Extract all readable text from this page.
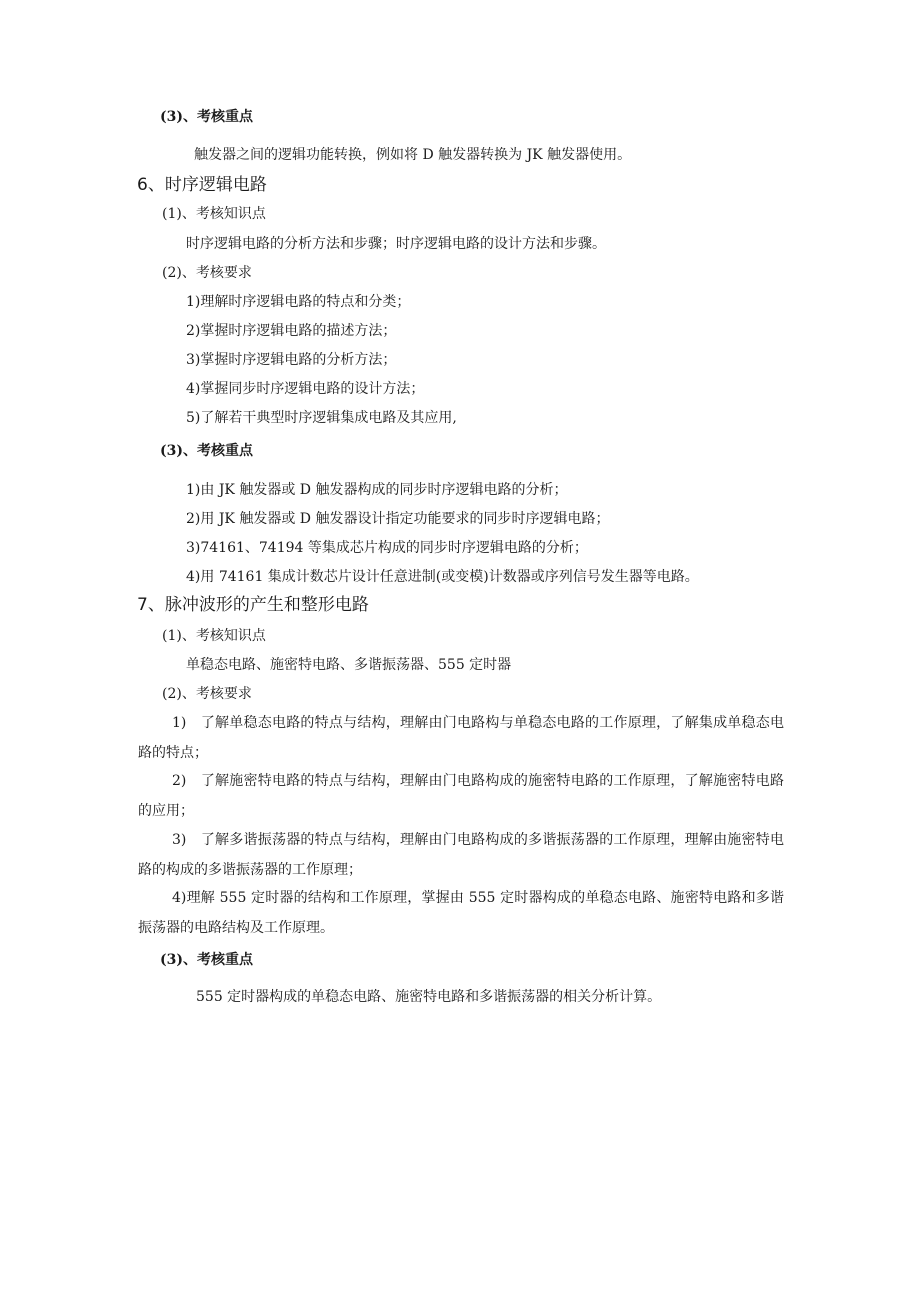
(3)、考核重点
触发器之间的逻辑功能转换，例如将 D 触发器转换为 JK 触发器使用。
6、时序逻辑电路
(1)、考核知识点
时序逻辑电路的分析方法和步骤；时序逻辑电路的设计方法和步骤。
(2)、考核要求
1)理解时序逻辑电路的特点和分类；
2)掌握时序逻辑电路的描述方法；
3)掌握时序逻辑电路的分析方法；
4)掌握同步时序逻辑电路的设计方法；
5)了解若干典型时序逻辑集成电路及其应用,
(3)、考核重点
1)由 JK 触发器或 D 触发器构成的同步时序逻辑电路的分析；
2)用 JK 触发器或 D 触发器设计指定功能要求的同步时序逻辑电路；
3)74161、74194 等集成芯片构成的同步时序逻辑电路的分析；
4)用 74161 集成计数芯片设计任意进制(或变模)计数器或序列信号发生器等电路。
7、脉冲波形的产生和整形电路
(1)、考核知识点
单稳态电路、施密特电路、多谐振荡器、555 定时器
(2)、考核要求
1)　了解单稳态电路的特点与结构，理解由门电路构与单稳态电路的工作原理，了解集成单稳态电路的特点；
2)　了解施密特电路的特点与结构，理解由门电路构成的施密特电路的工作原理，了解施密特电路的应用；
3)　了解多谐振荡器的特点与结构，理解由门电路构成的多谐振荡器的工作原理，理解由施密特电路的构成的多谐振荡器的工作原理；
4)理解 555 定时器的结构和工作原理，掌握由 555 定时器构成的单稳态电路、施密特电路和多谐振荡器的电路结构及工作原理。
(3)、考核重点
555 定时器构成的单稳态电路、施密特电路和多谐振荡器的相关分析计算。
